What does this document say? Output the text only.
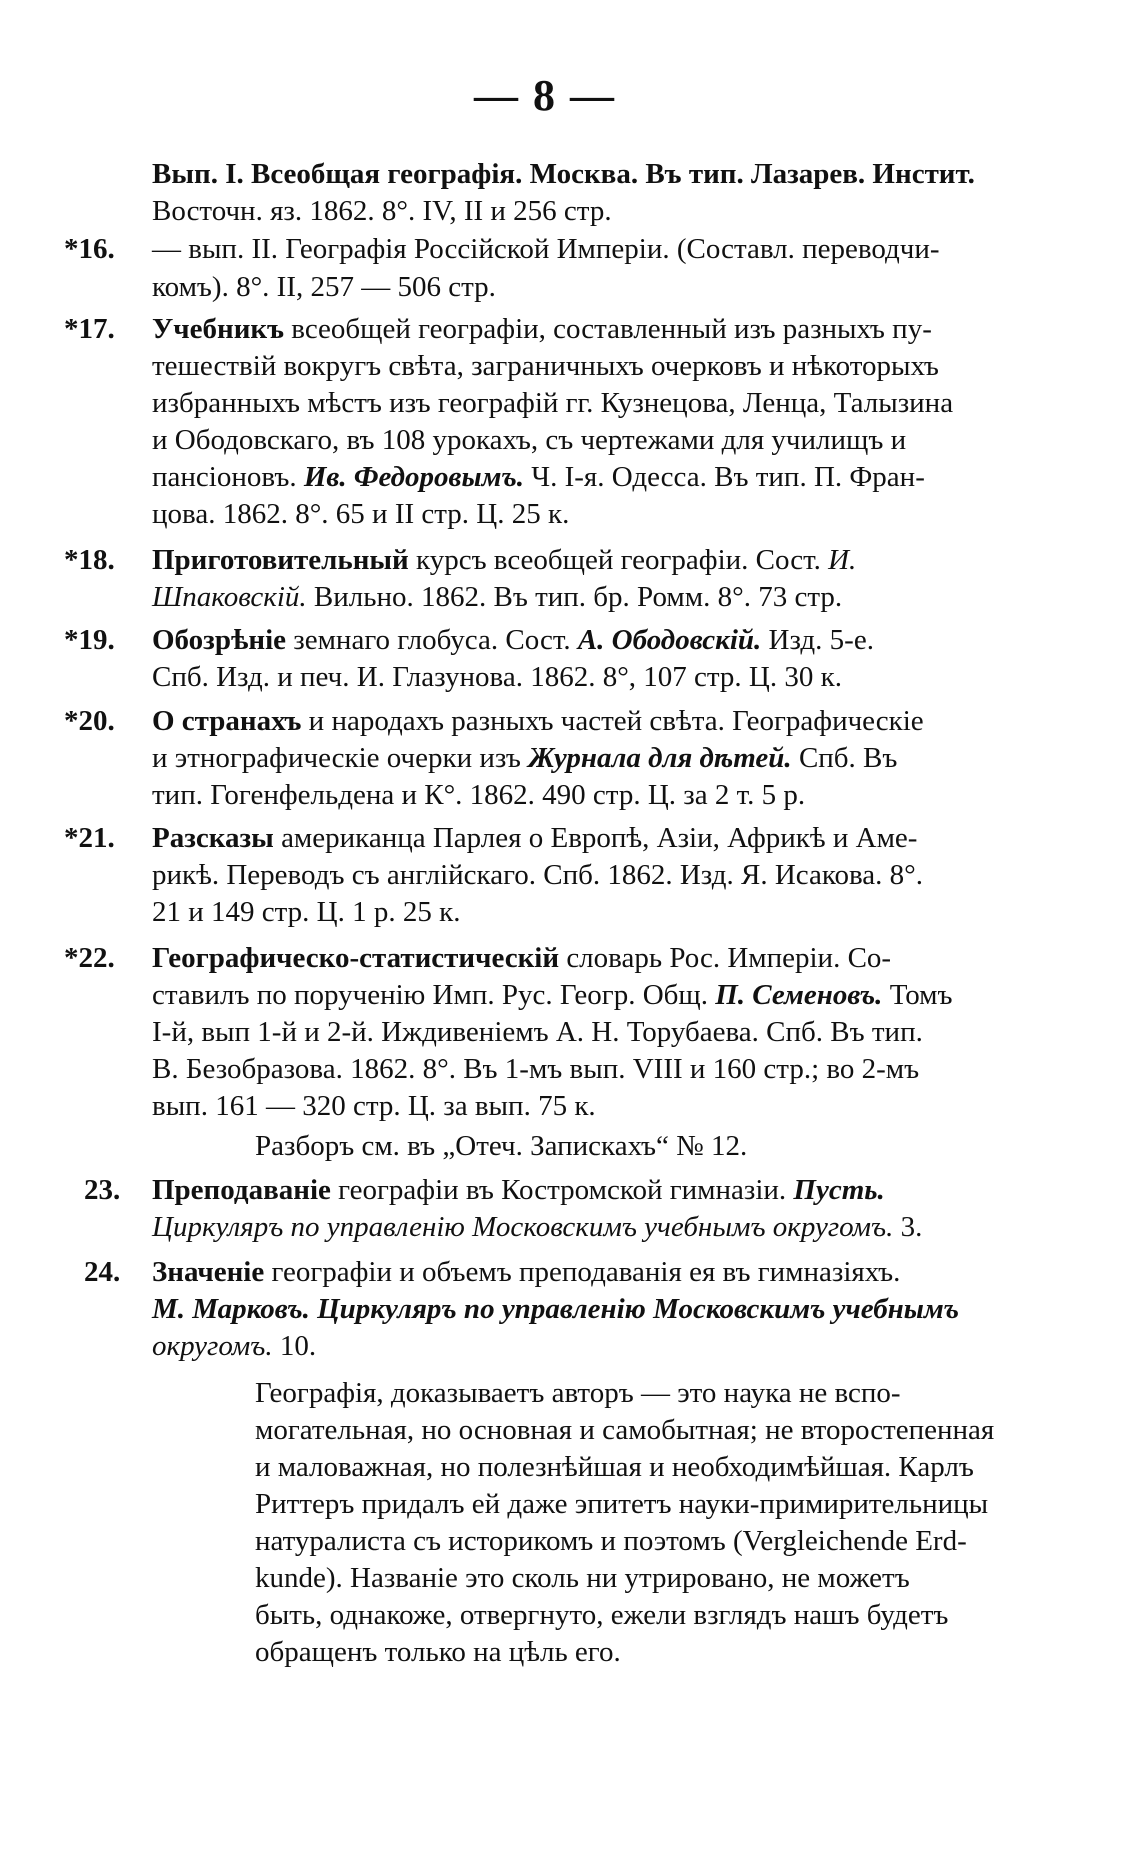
— 8 —
Вып. I. Всеобщая географія. Москва. Въ тип. Лазарев. Инстит.
Восточн. яз. 1862. 8°. IV, II и 256 стр.
*16. — вып. II. Географія Россійской Имперіи. (Составл. переводчи-
комъ). 8°. II, 257 — 506 стр.
*17. Учебникъ всеобщей географіи, составленный изъ разныхъ пу-
тешествій вокругъ свѣта, заграничныхъ очерковъ и нѣкоторыхъ
избранныхъ мѣстъ изъ географій гг. Кузнецова, Ленца, Талызина
и Ободовскаго, въ 108 урокахъ, съ чертежами для училищъ и
пансіоновъ. Ив. Федоровымъ. Ч. I-я. Одесса. Въ тип. П. Фран-
цова. 1862. 8°. 65 и II стр. Ц. 25 к.
*18. Приготовительный курсъ всеобщей географіи. Сост. И.
Шпаковскій. Вильно. 1862. Въ тип. бр. Ромм. 8°. 73 стр.
*19. Обозрѣніе земнаго глобуса. Сост. А. Ободовскій. Изд. 5-е.
Спб. Изд. и печ. И. Глазунова. 1862. 8°, 107 стр. Ц. 30 к.
*20. О странахъ и народахъ разныхъ частей свѣта. Географическіе
и этнографическіе очерки изъ Журнала для дѣтей. Спб. Въ
тип. Гогенфельдена и К°. 1862. 490 стр. Ц. за 2 т. 5 р.
*21. Разсказы американца Парлея о Европѣ, Азіи, Африкѣ и Аме-
рикѣ. Переводъ съ англійскаго. Спб. 1862. Изд. Я. Исакова. 8°.
21 и 149 стр. Ц. 1 р. 25 к.
*22. Географическо-статистическій словарь Рос. Имперіи. Со-
ставилъ по порученію Имп. Рус. Геогр. Общ. П. Семеновъ. Томъ
I-й, вып 1-й и 2-й. Иждивеніемъ А. Н. Торубаева. Спб. Въ тип.
В. Безобразова. 1862. 8°. Въ 1-мъ вып. VIII и 160 стр.; во 2-мъ
вып. 161 — 320 стр. Ц. за вып. 75 к.
Разборъ см. въ „Отеч. Запискахъ“ № 12.
23. Преподаваніе географіи въ Костромской гимназіи. Пусть.
Циркуляръ по управленію Московскимъ учебнымъ округомъ. 3.
24. Значеніе географіи и объемъ преподаванія ея въ гимназіяхъ.
М. Марковъ. Циркуляръ по управленію Московскимъ учебнымъ
округомъ. 10.
Географія, доказываетъ авторъ — это наука не вспо-
могательная, но основная и самобытная; не второстепенная
и маловажная, но полезнѣйшая и необходимѣйшая. Карлъ
Риттеръ придалъ ей даже эпитетъ науки-примирительницы
натуралиста съ историкомъ и поэтомъ (Vergleichende Erd-
kunde). Названіе это сколь ни утрировано, не можетъ
быть, однакоже, отвергнуто, ежели взглядъ нашъ будетъ
обращенъ только на цѣль его.
